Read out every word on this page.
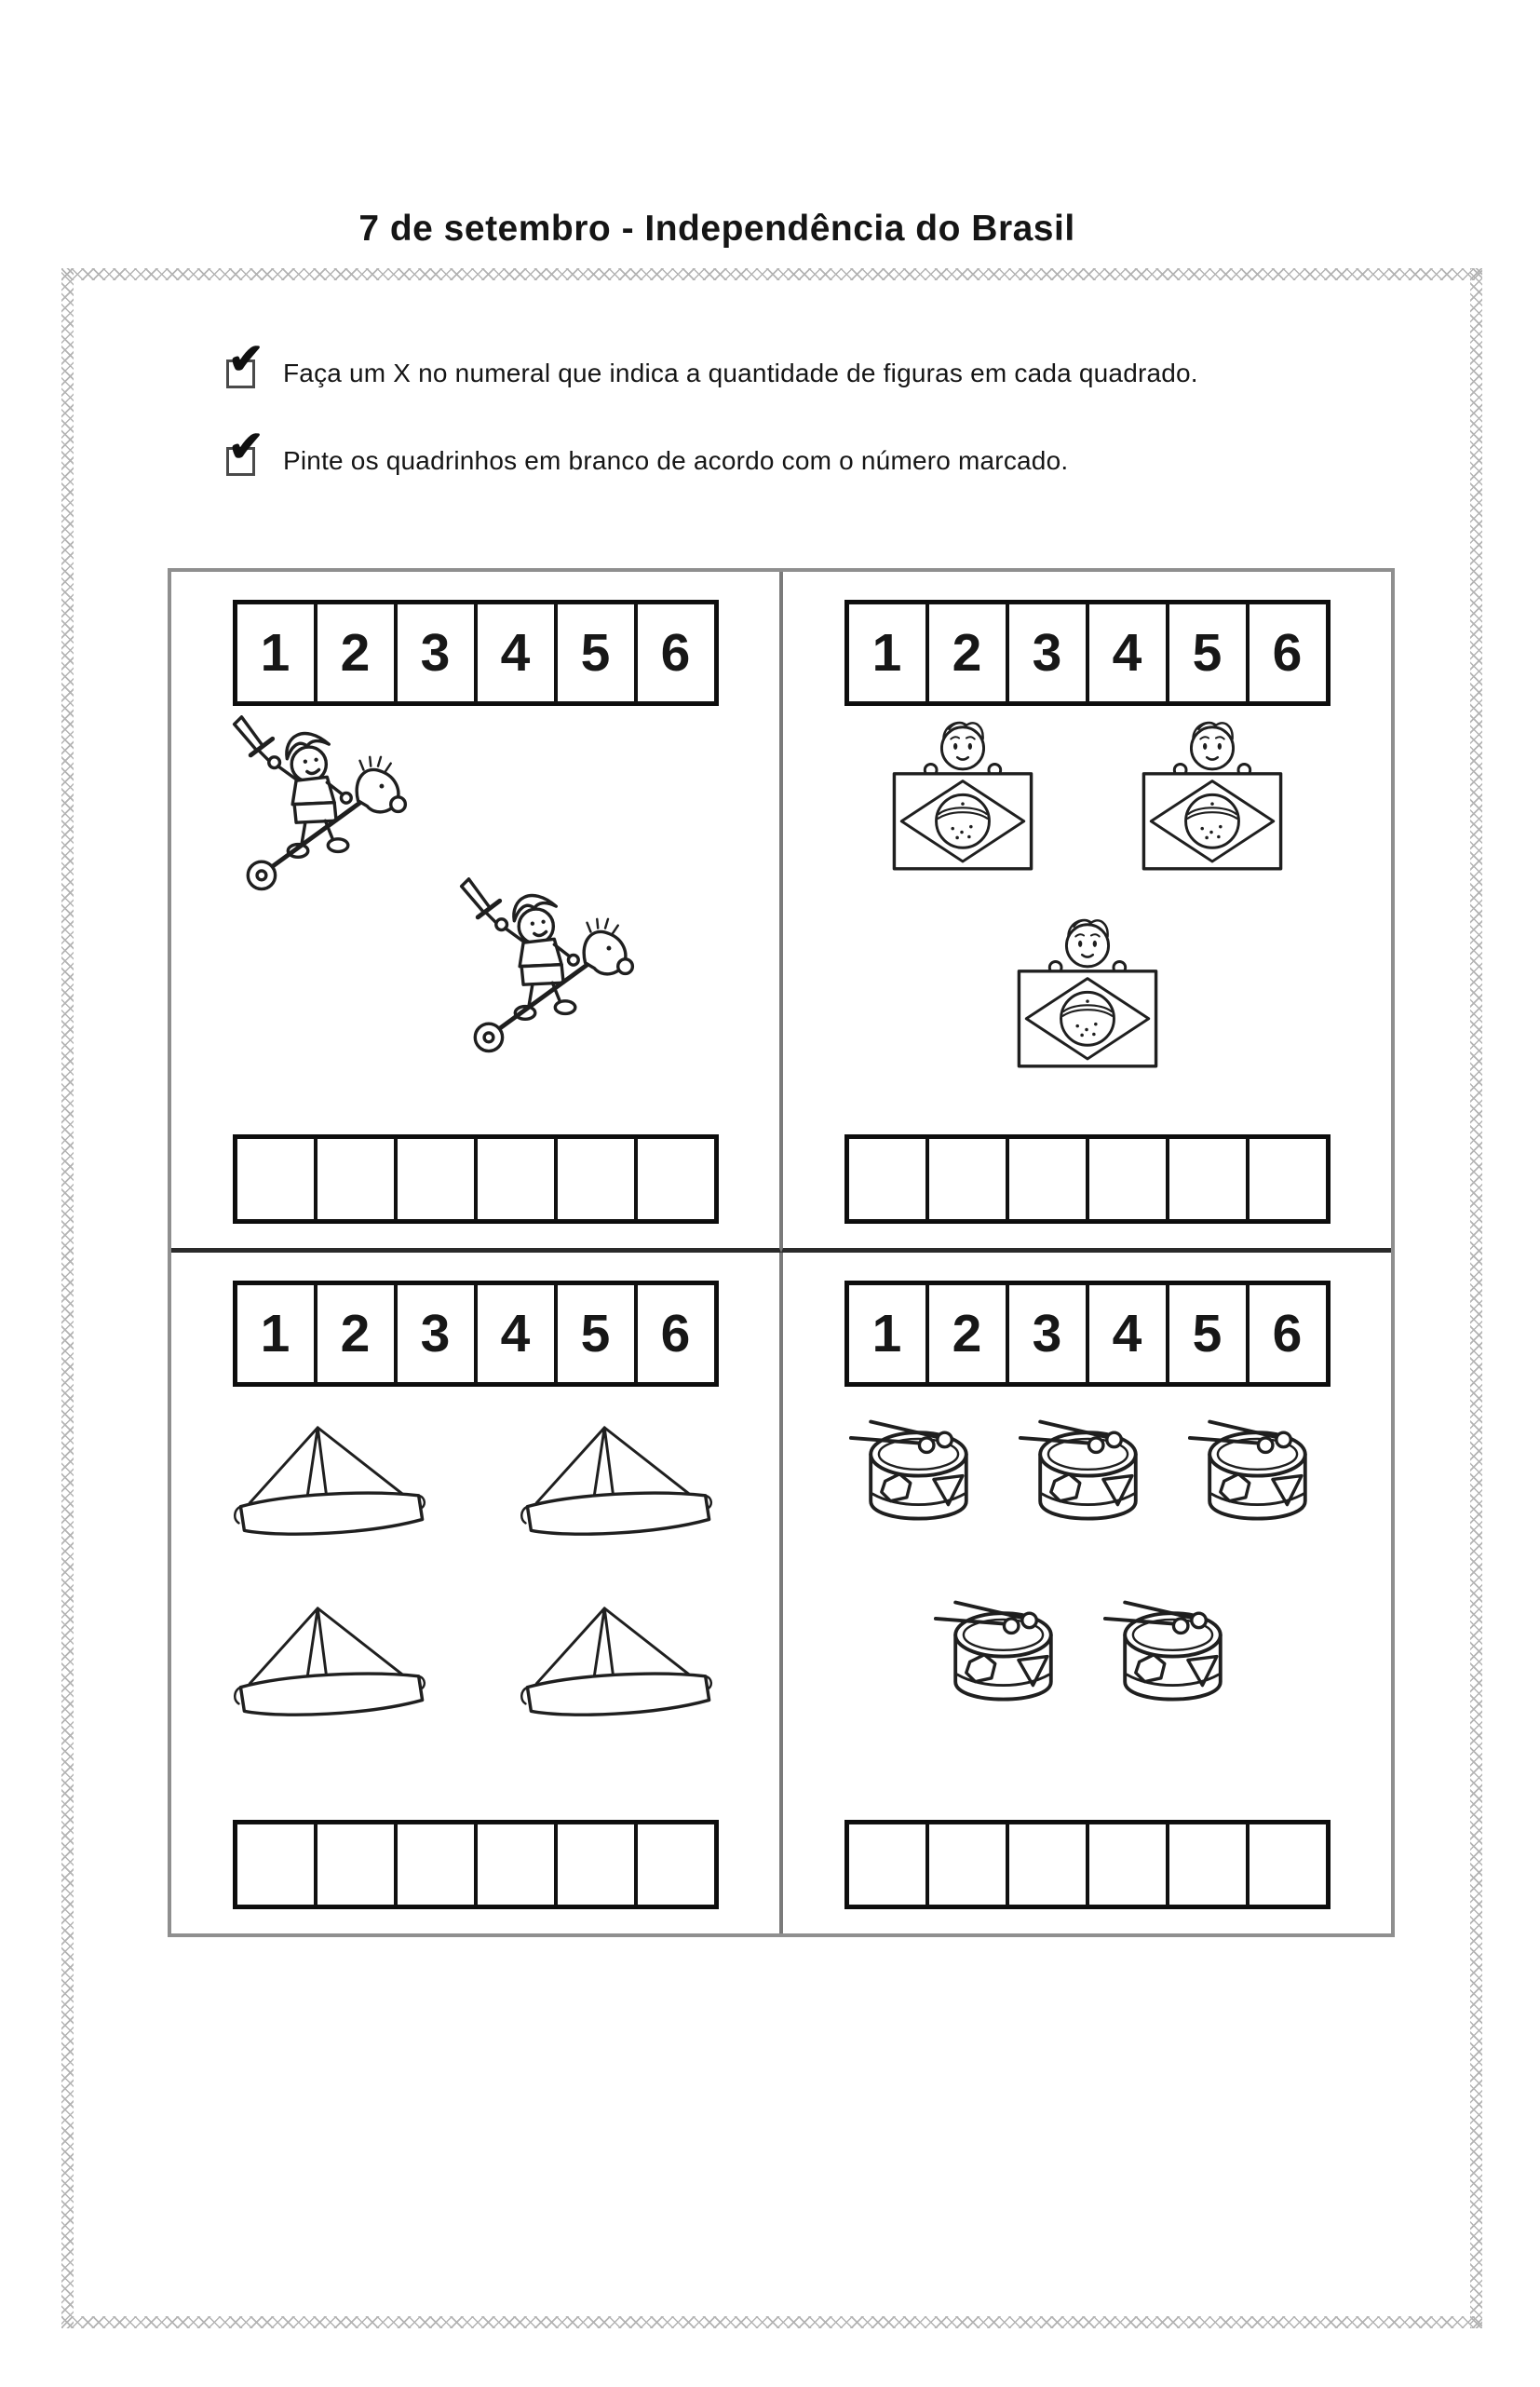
7 de setembro - Independência do Brasil
✔ Faça um X no numeral que indica a quantidade de figuras em cada quadrado.
✔ Pinte os quadrinhos em branco de acordo com o número marcado.
1 2 3 4 5 6	1 2 3 4 5 6
1 2 3 4 5 6	1 2 3 4 5 6
